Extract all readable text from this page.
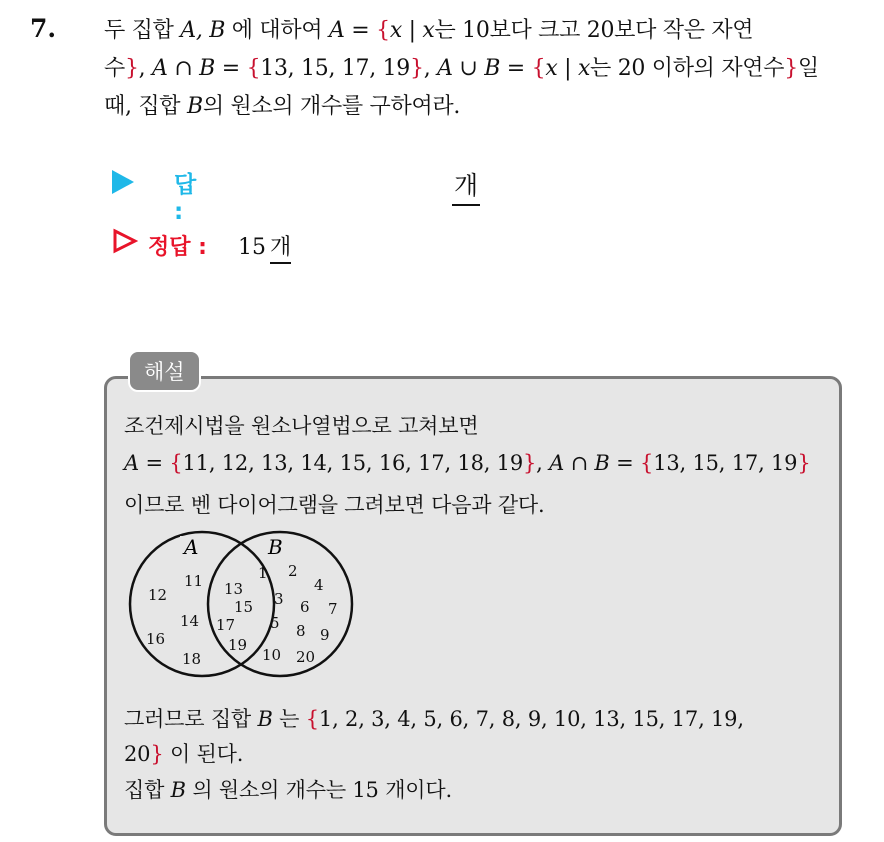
7. 두 집합 A, B 에 대하여 A = {x | x는 10보다 크고 20보다 작은 자연
수}, A ∩ B = {13, 15, 17, 19}, A ∪ B = {x | x는 20 이하의 자연수}일
때, 집합 B의 원소의 개수를 구하여라.
답 :
개
정답 : 15 개
해설
조건제시법을 원소나열법으로 고쳐보면
A = {11, 12, 13, 14, 15, 16, 17, 18, 19}, A ∩ B = {13, 15, 17, 19}
이므로 벤 다이어그램을 그려보면 다음과 같다.
A	B
11
12
14
16
18
13
15
17
19
1 2
4
3 6 7
5 8 9
10 20
그러므로 집합 B 는 {1, 2, 3, 4, 5, 6, 7, 8, 9, 10, 13, 15, 17, 19,
20} 이 된다.
집합 B 의 원소의 개수는 15 개이다.
